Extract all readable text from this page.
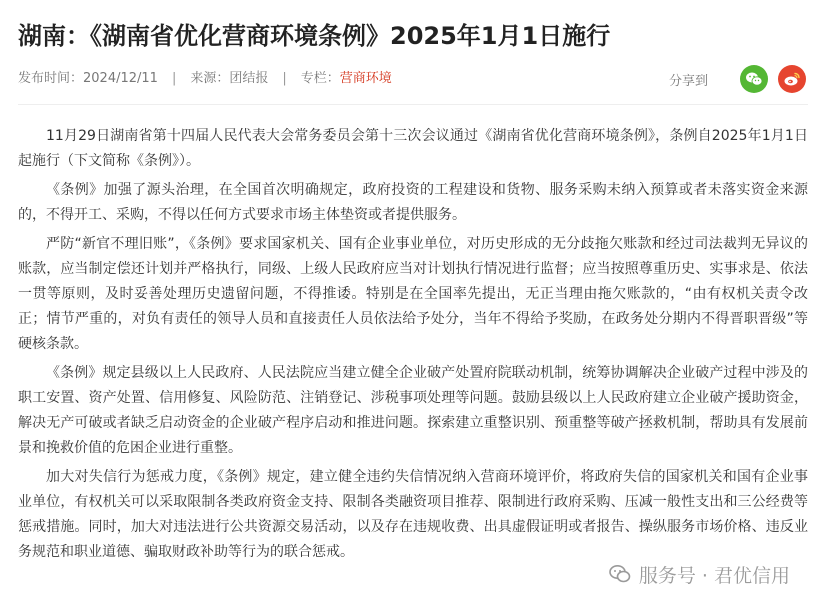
湖南：《湖南省优化营商环境条例》2025年1月1日施行
发布时间：2024/12/11 | 来源：团结报 | 专栏：营商环境	分享到

11月29日湖南省第十四届人民代表大会常务委员会第十三次会议通过《湖南省优化营商环境条例》，条例自2025年1月1日起施行（下文简称《条例》）。

《条例》加强了源头治理，在全国首次明确规定，政府投资的工程建设和货物、服务采购未纳入预算或者未落实资金来源的，不得开工、采购，不得以任何方式要求市场主体垫资或者提供服务。

严防“新官不理旧账”，《条例》要求国家机关、国有企业事业单位，对历史形成的无分歧拖欠账款和经过司法裁判无异议的账款，应当制定偿还计划并严格执行，同级、上级人民政府应当对计划执行情况进行监督；应当按照尊重历史、实事求是、依法一贯等原则，及时妥善处理历史遗留问题，不得推诿。特别是在全国率先提出，无正当理由拖欠账款的，“由有权机关责令改正；情节严重的，对负有责任的领导人员和直接责任人员依法给予处分，当年不得给予奖励，在政务处分期内不得晋职晋级”等硬核条款。

《条例》规定县级以上人民政府、人民法院应当建立健全企业破产处置府院联动机制，统筹协调解决企业破产过程中涉及的职工安置、资产处置、信用修复、风险防范、注销登记、涉税事项处理等问题。鼓励县级以上人民政府建立企业破产援助资金，解决无产可破或者缺乏启动资金的企业破产程序启动和推进问题。探索建立重整识别、预重整等破产拯救机制，帮助具有发展前景和挽救价值的危困企业进行重整。

加大对失信行为惩戒力度，《条例》规定，建立健全违约失信情况纳入营商环境评价，将政府失信的国家机关和国有企业事业单位，有权机关可以采取限制各类政府资金支持、限制各类融资项目推荐、限制进行政府采购、压减一般性支出和三公经费等惩戒措施。同时，加大对违法进行公共资源交易活动，以及存在违规收费、出具虚假证明或者报告、操纵服务市场价格、违反业务规范和职业道德、骗取财政补助等行为的联合惩戒。

服务号 · 君优信用
